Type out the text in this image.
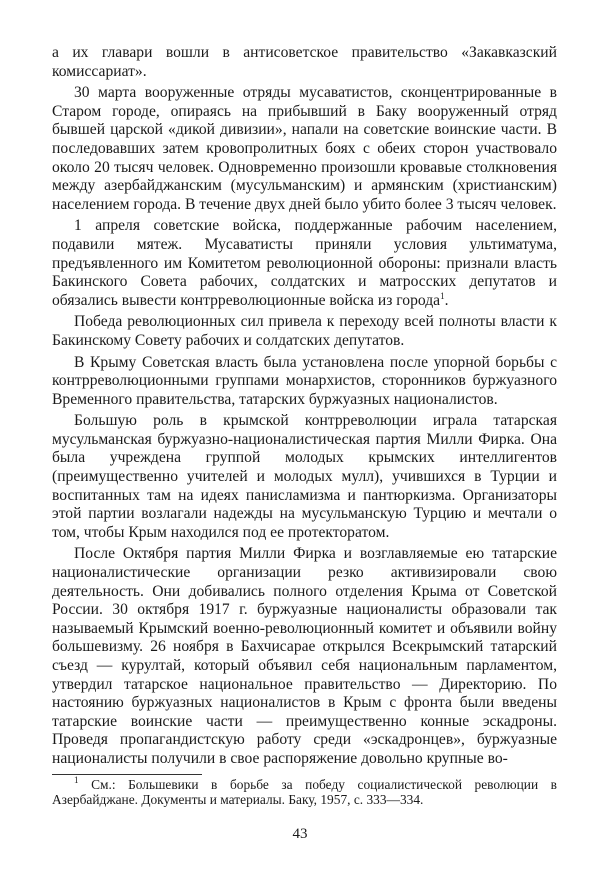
а их главари вошли в антисоветское правительство «Закавказский комиссариат».

30 марта вооруженные отряды мусаватистов, сконцентрированные в Старом городе, опираясь на прибывший в Баку вооруженный отряд бывшей царской «дикой дивизии», напали на советские воинские части. В последовавших затем кровопролитных боях с обеих сторон участвовало около 20 тысяч человек. Одновременно произошли кровавые столкновения между азербайджанским (мусульманским) и армянским (христианским) населением города. В течение двух дней было убито более 3 тысяч человек.

1 апреля советские войска, поддержанные рабочим населением, подавили мятеж. Мусаватисты приняли условия ультиматума, предъявленного им Комитетом революционной обороны: признали власть Бакинского Совета рабочих, солдатских и матросских депутатов и обязались вывести контрреволюционные войска из города$^1$.

Победа революционных сил привела к переходу всей полноты власти к Бакинскому Совету рабочих и солдатских депутатов.

В Крыму Советская власть была установлена после упорной борьбы с контрреволюционными группами монархистов, сторонников буржуазного Временного правительства, татарских буржуазных националистов.

Большую роль в крымской контрреволюции играла татарская мусульманская буржуазно-националистическая партия Милли Фирка. Она была учреждена группой молодых крымских интеллигентов (преимущественно учителей и молодых мулл), учившихся в Турции и воспитанных там на идеях панисламизма и пантюркизма. Организаторы этой партии возлагали надежды на мусульманскую Турцию и мечтали о том, чтобы Крым находился под ее протекторатом.

После Октября партия Милли Фирка и возглавляемые ею татарские националистические организации резко активизировали свою деятельность. Они добивались полного отделения Крыма от Советской России. 30 октября 1917 г. буржуазные националисты образовали так называемый Крымский военно-революционный комитет и объявили войну большевизму. 26 ноября в Бахчисарае открылся Всекрымский татарский съезд — курултай, который объявил себя национальным парламентом, утвердил татарское национальное правительство — Директорию. По настоянию буржуазных националистов в Крым с фронта были введены татарские воинские части — преимущественно конные эскадроны. Проведя пропагандистскую работу среди «эскадронцев», буржуазные националисты получили в свое распоряжение довольно крупные во-

$^1$ См.: Большевики в борьбе за победу социалистической революции в Азербайджане. Документы и материалы. Баку, 1957, с. 333—334.

43
